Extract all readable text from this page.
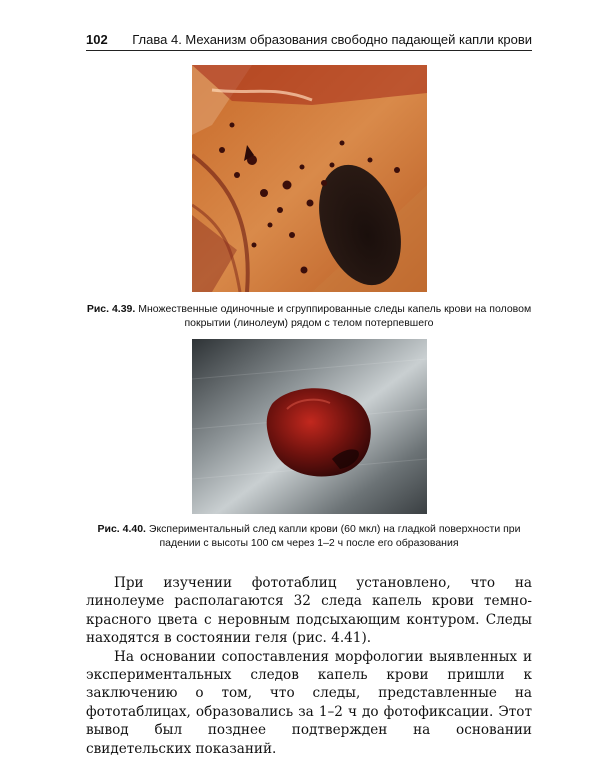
102 Глава 4. Механизм образования свободно падающей капли крови
Рис. 4.39. Множественные одиночные и сгруппированные следы капель крови на половом покрытии (линолеум) рядом с телом потерпевшего
Рис. 4.40. Экспериментальный след капли крови (60 мкл) на гладкой поверхности при падении с высоты 100 см через 1–2 ч после его образования

При изучении фототаблиц установлено, что на линолеуме располагаются 32 следа капель крови темно-красного цвета с неровным подсыхающим контуром. Следы находятся в состоянии геля (рис. 4.41).

На основании сопоставления морфологии выявленных и экспериментальных следов капель крови пришли к заключению о том, что следы, представленные на фототаблицах, образовались за 1–2 ч до фотофиксации. Этот вывод был позднее подтвержден на основании свидетельских показаний.
